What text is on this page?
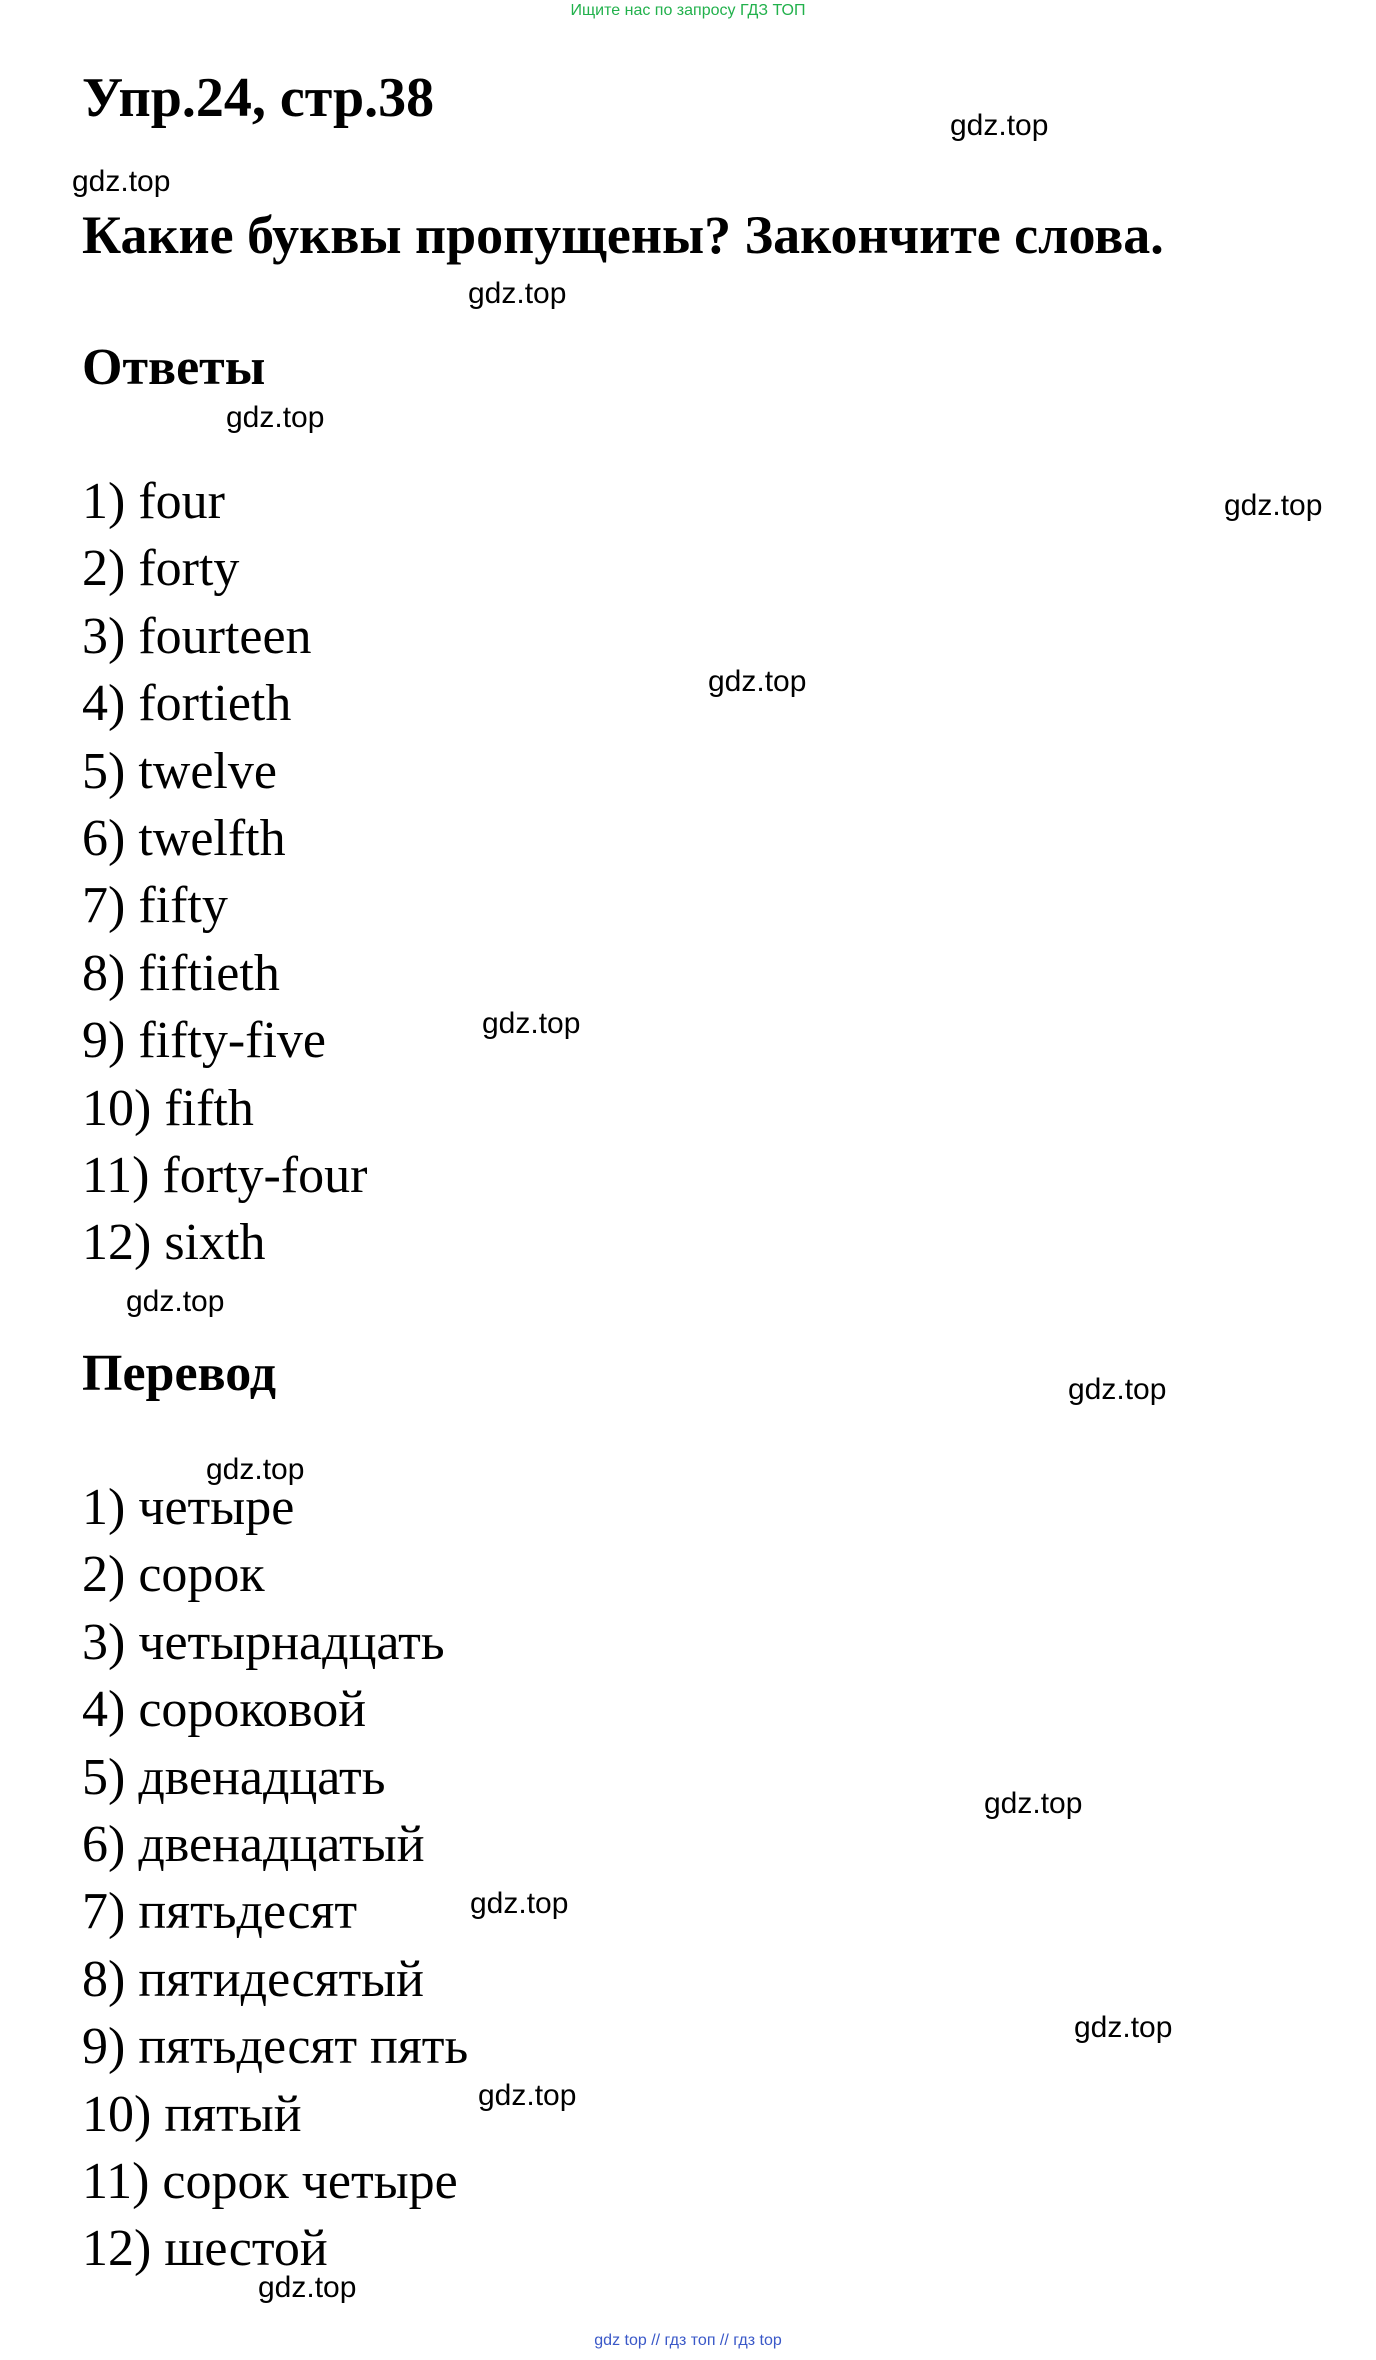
Ищите нас по запросу ГДЗ ТОП
Упр.24, стр.38
Какие буквы пропущены? Закончите слова.
Ответы
1) four
2) forty
3) fourteen
4) fortieth
5) twelve
6) twelfth
7) fifty
8) fiftieth
9) fifty-five
10) fifth
11) forty-four
12) sixth
Перевод
1) четыре
2) сорок
3) четырнадцать
4) сороковой
5) двенадцать
6) двенадцатый
7) пятьдесят
8) пятидесятый
9) пятьдесят пять
10) пятый
11) сорок четыре
12) шестой
gdz.top
gdz.top
gdz.top
gdz.top
gdz.top
gdz.top
gdz.top
gdz.top
gdz.top
gdz.top
gdz.top
gdz.top
gdz.top
gdz.top
gdz.top
gdz top // гдз топ // гдз top
